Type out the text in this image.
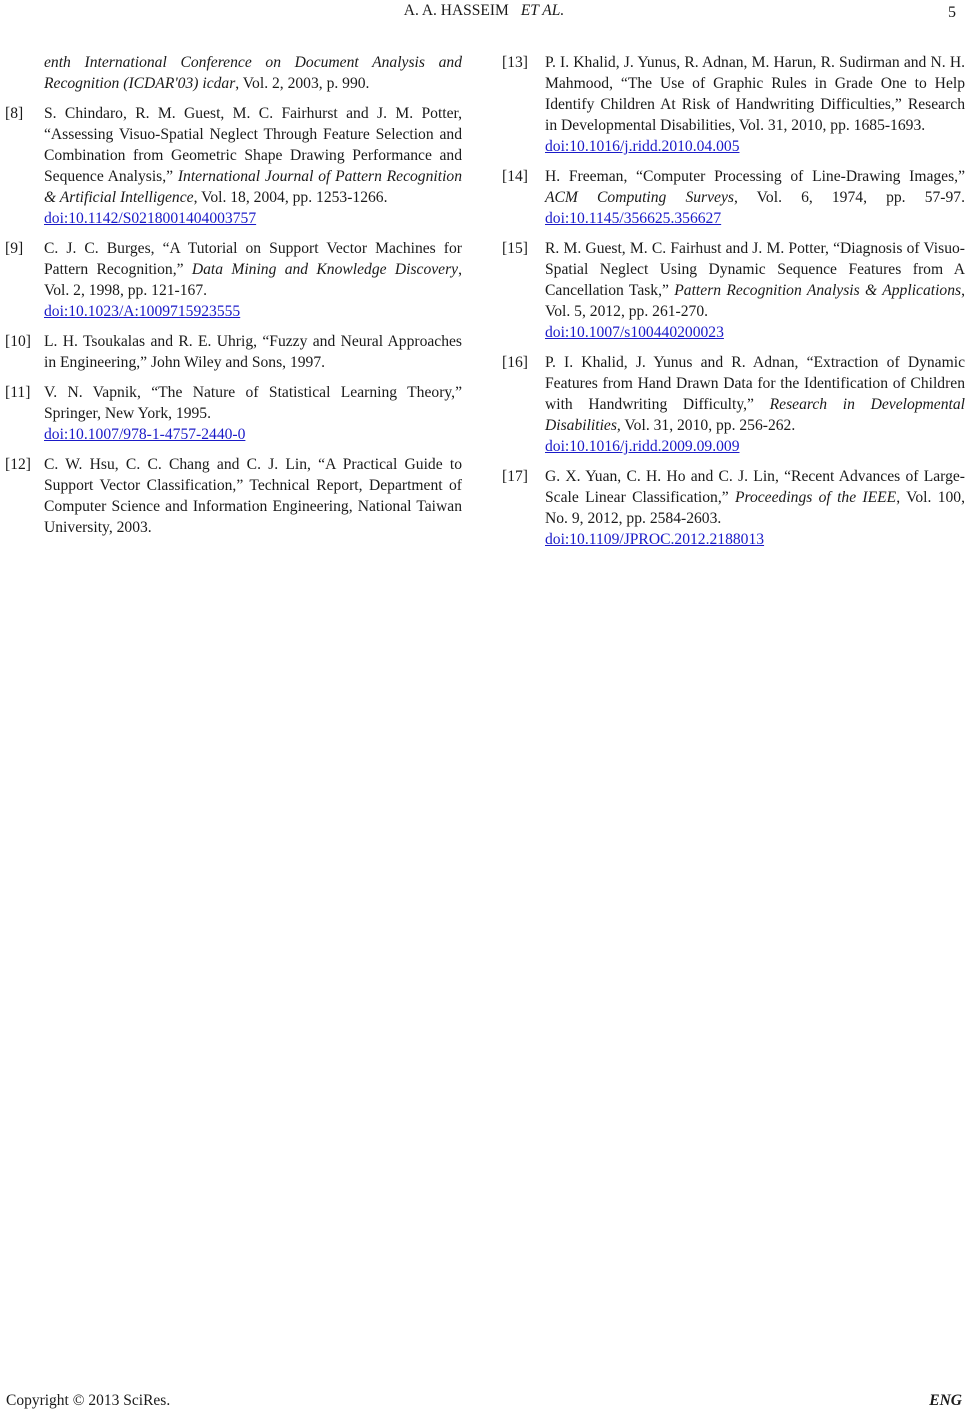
A. A. HASSEIM ET AL.	5
enth International Conference on Document Analysis and Recognition (ICDAR'03) icdar, Vol. 2, 2003, p. 990.
[8] S. Chindaro, R. M. Guest, M. C. Fairhurst and J. M. Potter, “Assessing Visuo-Spatial Neglect Through Feature Selection and Combination from Geometric Shape Drawing Performance and Sequence Analysis,” International Journal of Pattern Recognition & Artificial Intelligence, Vol. 18, 2004, pp. 1253-1266.
doi:10.1142/S0218001404003757
[9] C. J. C. Burges, “A Tutorial on Support Vector Machines for Pattern Recognition,” Data Mining and Knowledge Discovery, Vol. 2, 1998, pp. 121-167.
doi:10.1023/A:1009715923555
[10] L. H. Tsoukalas and R. E. Uhrig, “Fuzzy and Neural Approaches in Engineering,” John Wiley and Sons, 1997.
[11] V. N. Vapnik, “The Nature of Statistical Learning Theory,” Springer, New York, 1995.
doi:10.1007/978-1-4757-2440-0
[12] C. W. Hsu, C. C. Chang and C. J. Lin, “A Practical Guide to Support Vector Classification,” Technical Report, Department of Computer Science and Information Engineering, National Taiwan University, 2003.
[13] P. I. Khalid, J. Yunus, R. Adnan, M. Harun, R. Sudirman and N. H. Mahmood, “The Use of Graphic Rules in Grade One to Help Identify Children At Risk of Handwriting Difficulties,” Research in Developmental Disabilities, Vol. 31, 2010, pp. 1685-1693.
doi:10.1016/j.ridd.2010.04.005
[14] H. Freeman, “Computer Processing of Line-Drawing Images,” ACM Computing Surveys, Vol. 6, 1974, pp. 57-97. doi:10.1145/356625.356627
[15] R. M. Guest, M. C. Fairhust and J. M. Potter, “Diagnosis of Visuo-Spatial Neglect Using Dynamic Sequence Features from A Cancellation Task,” Pattern Recognition Analysis & Applications, Vol. 5, 2012, pp. 261-270.
doi:10.1007/s100440200023
[16] P. I. Khalid, J. Yunus and R. Adnan, “Extraction of Dynamic Features from Hand Drawn Data for the Identification of Children with Handwriting Difficulty,” Research in Developmental Disabilities, Vol. 31, 2010, pp. 256-262.
doi:10.1016/j.ridd.2009.09.009
[17] G. X. Yuan, C. H. Ho and C. J. Lin, “Recent Advances of Large-Scale Linear Classification,” Proceedings of the IEEE, Vol. 100, No. 9, 2012, pp. 2584-2603.
doi:10.1109/JPROC.2012.2188013
Copyright © 2013 SciRes.	ENG
